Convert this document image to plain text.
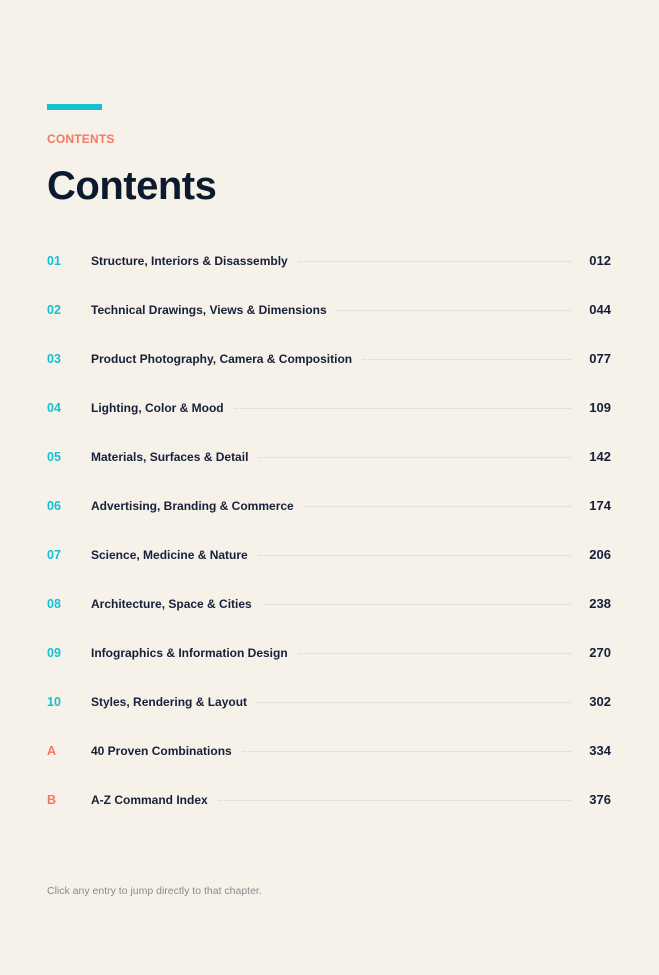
CONTENTS
Contents
01	Structure, Interiors & Disassembly	012
02	Technical Drawings, Views & Dimensions	044
03	Product Photography, Camera & Composition	077
04	Lighting, Color & Mood	109
05	Materials, Surfaces & Detail	142
06	Advertising, Branding & Commerce	174
07	Science, Medicine & Nature	206
08	Architecture, Space & Cities	238
09	Infographics & Information Design	270
10	Styles, Rendering & Layout	302
A	40 Proven Combinations	334
B	A-Z Command Index	376
Click any entry to jump directly to that chapter.
